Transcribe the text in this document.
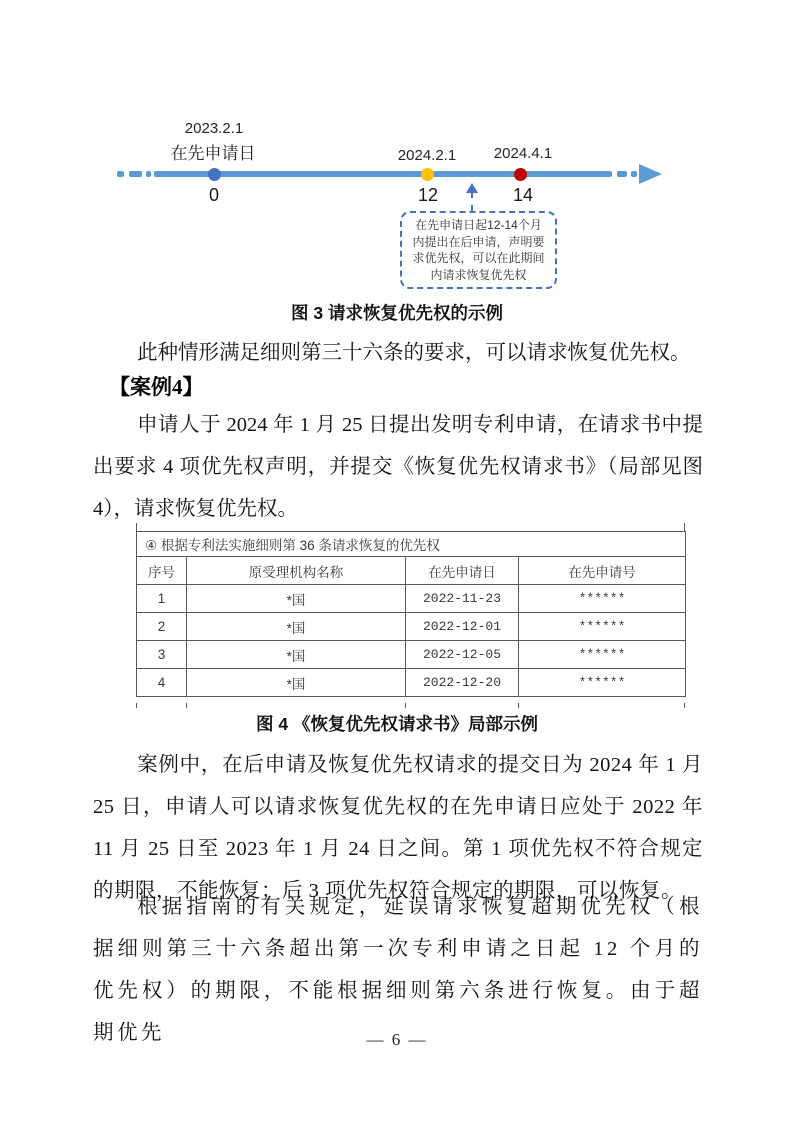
2023.2.1
在先申请日	2024.2.1	2024.4.1
0	12	14
在先申请日起12-14个月
内提出在后申请，声明要
求优先权，可以在此期间
内请求恢复优先权
图 3 请求恢复优先权的示例
此种情形满足细则第三十六条的要求，可以请求恢复优先权。
【案例4】
申请人于 2024 年 1 月 25 日提出发明专利申请，在请求书中提出要求 4 项优先权声明，并提交《恢复优先权请求书》（局部见图 4），请求恢复优先权。
④ 根据专利法实施细则第 36 条请求恢复的优先权			
序号	原受理机构名称	在先申请日	在先申请号
1	*国	2022-11-23	******
2	*国	2022-12-01	******
3	*国	2022-12-05	******
4	*国	2022-12-20	******
图 4 《恢复优先权请求书》局部示例
案例中，在后申请及恢复优先权请求的提交日为 2024 年 1 月 25 日，申请人可以请求恢复优先权的在先申请日应处于 2022 年 11 月 25 日至 2023 年 1 月 24 日之间。第 1 项优先权不符合规定的期限，不能恢复；后 3 项优先权符合规定的期限，可以恢复。
根据指南的有关规定，延误请求恢复超期优先权（根据细则第三十六条超出第一次专利申请之日起 12 个月的优先权）的期限，不能根据细则第六条进行恢复。由于超期优先	— 6 —
